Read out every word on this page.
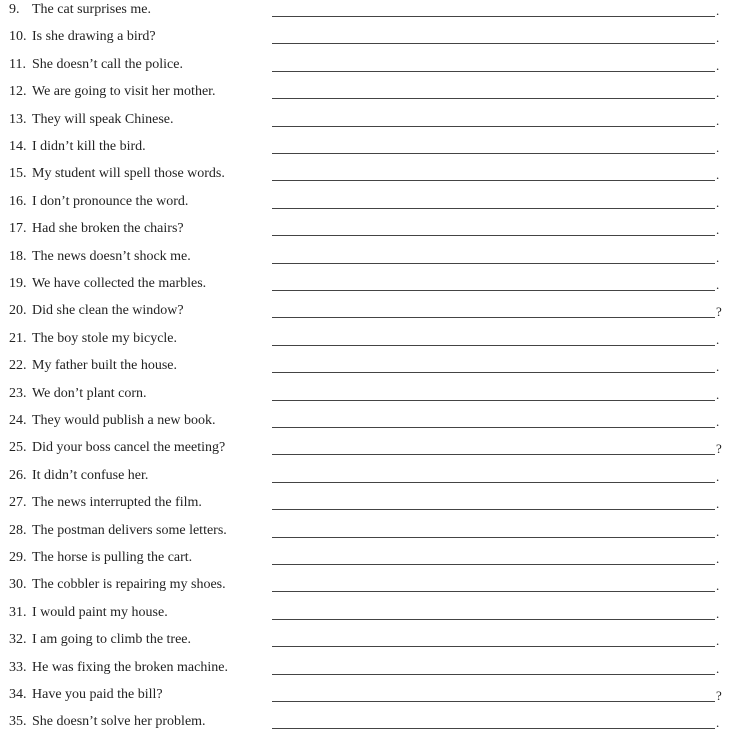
9. The cat surprises me.	.
10. Is she drawing a bird?	.
11. She doesn’t call the police.	.
12. We are going to visit her mother.	.
13. They will speak Chinese.	.
14. I didn’t kill the bird.	.
15. My student will spell those words.	.
16. I don’t pronounce the word.	.
17. Had she broken the chairs?	.
18. The news doesn’t shock me.	.
19. We have collected the marbles.	.
20. Did she clean the window?	?
21. The boy stole my bicycle.	.
22. My father built the house.	.
23. We don’t plant corn.	.
24. They would publish a new book.	.
25. Did your boss cancel the meeting?	?
26. It didn’t confuse her.	.
27. The news interrupted the film.	.
28. The postman delivers some letters.	.
29. The horse is pulling the cart.	.
30. The cobbler is repairing my shoes.	.
31. I would paint my house.	.
32. I am going to climb the tree.	.
33. He was fixing the broken machine.	.
34. Have you paid the bill?	?
35. She doesn’t solve her problem.	.
